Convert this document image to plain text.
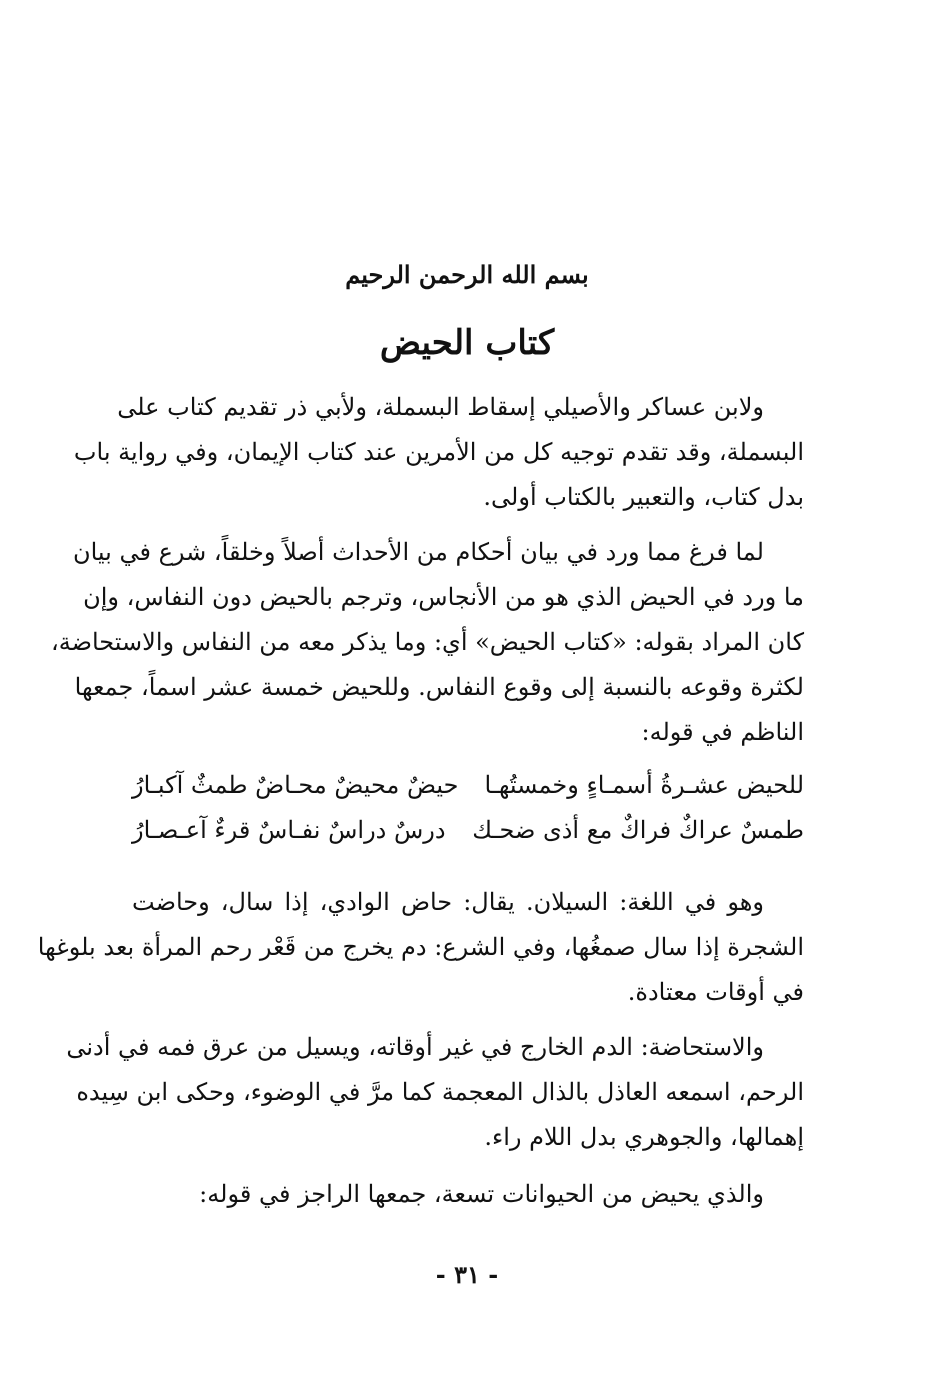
بسم الله الرحمن الرحيم
كتاب الحيض
ولابن عساكر والأصيلي إسقاط البسملة، ولأبي ذر تقديم كتاب على
البسملة، وقد تقدم توجيه كل من الأمرين عند كتاب الإيمان، وفي رواية باب
بدل كتاب، والتعبير بالكتاب أولى.
لما فرغ مما ورد في بيان أحكام من الأحداث أصلاً وخلقاً، شرع في بيان
ما ورد في الحيض الذي هو من الأنجاس، وترجم بالحيض دون النفاس، وإن
كان المراد بقوله: «كتاب الحيض» أي: وما يذكر معه من النفاس والاستحاضة،
لكثرة وقوعه بالنسبة إلى وقوع النفاس. وللحيض خمسة عشر اسماً، جمعها
الناظم في قوله:
للحيض عشـرةُ أسمـاءٍ وخمستُهـا
حيضٌ محيضٌ محـاضٌ طمثٌ آكبـارُ
طمسٌ عراكٌ فراكٌ مع أذى ضحـك
درسٌ دراسٌ نفـاسٌ قرءٌ آعـصـارُ
وهو في اللغة: السيلان. يقال: حاض الوادي، إذا سال، وحاضت
الشجرة إذا سال صمغُها، وفي الشرع: دم يخرج من قَعْر رحم المرأة بعد بلوغها
في أوقات معتادة.
والاستحاضة: الدم الخارج في غير أوقاته، ويسيل من عرق فمه في أدنى
الرحم، اسمعه العاذل بالذال المعجمة كما مرَّ في الوضوء، وحكى ابن سِيده
إهمالها، والجوهري بدل اللام راء.
والذي يحيض من الحيوانات تسعة، جمعها الراجز في قوله:
- ٣١ -
